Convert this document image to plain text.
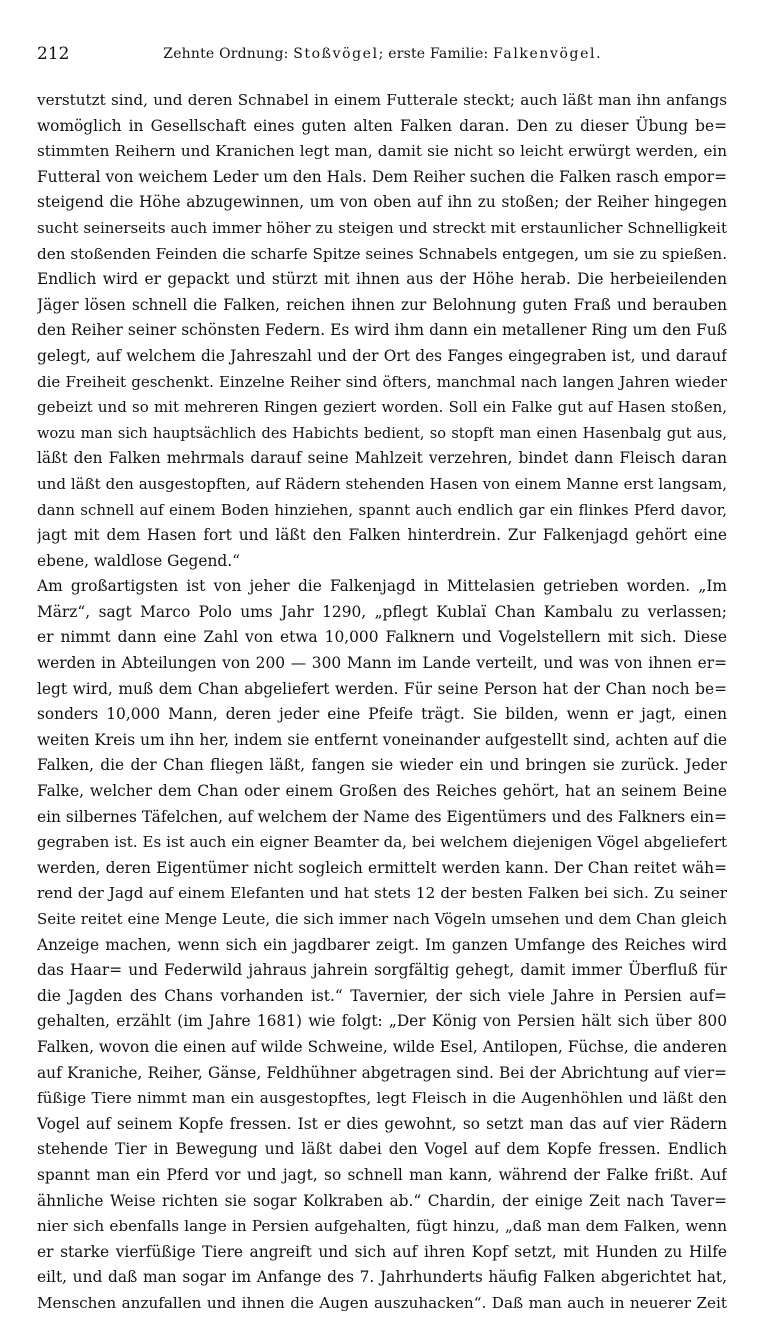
212	Zehnte Ordnung: Stoßvögel; erste Familie: Falkenvögel.
verstutzt sind, und deren Schnabel in einem Futterale steckt; auch läßt man ihn anfangs
womöglich in Gesellschaft eines guten alten Falken daran. Den zu dieser Übung be=
stimmten Reihern und Kranichen legt man, damit sie nicht so leicht erwürgt werden, ein
Futteral von weichem Leder um den Hals. Dem Reiher suchen die Falken rasch empor=
steigend die Höhe abzugewinnen, um von oben auf ihn zu stoßen; der Reiher hingegen
sucht seinerseits auch immer höher zu steigen und streckt mit erstaunlicher Schnelligkeit
den stoßenden Feinden die scharfe Spitze seines Schnabels entgegen, um sie zu spießen.
Endlich wird er gepackt und stürzt mit ihnen aus der Höhe herab. Die herbeieilenden
Jäger lösen schnell die Falken, reichen ihnen zur Belohnung guten Fraß und berauben
den Reiher seiner schönsten Federn. Es wird ihm dann ein metallener Ring um den Fuß
gelegt, auf welchem die Jahreszahl und der Ort des Fanges eingegraben ist, und darauf
die Freiheit geschenkt. Einzelne Reiher sind öfters, manchmal nach langen Jahren wieder
gebeizt und so mit mehreren Ringen geziert worden. Soll ein Falke gut auf Hasen stoßen,
wozu man sich hauptsächlich des Habichts bedient, so stopft man einen Hasenbalg gut aus,
läßt den Falken mehrmals darauf seine Mahlzeit verzehren, bindet dann Fleisch daran
und läßt den ausgestopften, auf Rädern stehenden Hasen von einem Manne erst langsam,
dann schnell auf einem Boden hinziehen, spannt auch endlich gar ein flinkes Pferd davor,
jagt mit dem Hasen fort und läßt den Falken hinterdrein. Zur Falkenjagd gehört eine
ebene, waldlose Gegend.“
Am großartigsten ist von jeher die Falkenjagd in Mittelasien getrieben worden. „Im
März“, sagt Marco Polo ums Jahr 1290, „pflegt Kublaï Chan Kambalu zu verlassen;
er nimmt dann eine Zahl von etwa 10,000 Falknern und Vogelstellern mit sich. Diese
werden in Abteilungen von 200 — 300 Mann im Lande verteilt, und was von ihnen er=
legt wird, muß dem Chan abgeliefert werden. Für seine Person hat der Chan noch be=
sonders 10,000 Mann, deren jeder eine Pfeife trägt. Sie bilden, wenn er jagt, einen
weiten Kreis um ihn her, indem sie entfernt voneinander aufgestellt sind, achten auf die
Falken, die der Chan fliegen läßt, fangen sie wieder ein und bringen sie zurück. Jeder
Falke, welcher dem Chan oder einem Großen des Reiches gehört, hat an seinem Beine
ein silbernes Täfelchen, auf welchem der Name des Eigentümers und des Falkners ein=
gegraben ist. Es ist auch ein eigner Beamter da, bei welchem diejenigen Vögel abgeliefert
werden, deren Eigentümer nicht sogleich ermittelt werden kann. Der Chan reitet wäh=
rend der Jagd auf einem Elefanten und hat stets 12 der besten Falken bei sich. Zu seiner
Seite reitet eine Menge Leute, die sich immer nach Vögeln umsehen und dem Chan gleich
Anzeige machen, wenn sich ein jagdbarer zeigt. Im ganzen Umfange des Reiches wird
das Haar= und Federwild jahraus jahrein sorgfältig gehegt, damit immer Überfluß für
die Jagden des Chans vorhanden ist.“ Tavernier, der sich viele Jahre in Persien auf=
gehalten, erzählt (im Jahre 1681) wie folgt: „Der König von Persien hält sich über 800
Falken, wovon die einen auf wilde Schweine, wilde Esel, Antilopen, Füchse, die anderen
auf Kraniche, Reiher, Gänse, Feldhühner abgetragen sind. Bei der Abrichtung auf vier=
füßige Tiere nimmt man ein ausgestopftes, legt Fleisch in die Augenhöhlen und läßt den
Vogel auf seinem Kopfe fressen. Ist er dies gewohnt, so setzt man das auf vier Rädern
stehende Tier in Bewegung und läßt dabei den Vogel auf dem Kopfe fressen. Endlich
spannt man ein Pferd vor und jagt, so schnell man kann, während der Falke frißt. Auf
ähnliche Weise richten sie sogar Kolkraben ab.“ Chardin, der einige Zeit nach Taver=
nier sich ebenfalls lange in Persien aufgehalten, fügt hinzu, „daß man dem Falken, wenn
er starke vierfüßige Tiere angreift und sich auf ihren Kopf setzt, mit Hunden zu Hilfe
eilt, und daß man sogar im Anfange des 7. Jahrhunderts häufig Falken abgerichtet hat,
Menschen anzufallen und ihnen die Augen auszuhacken“. Daß man auch in neuerer Zeit
